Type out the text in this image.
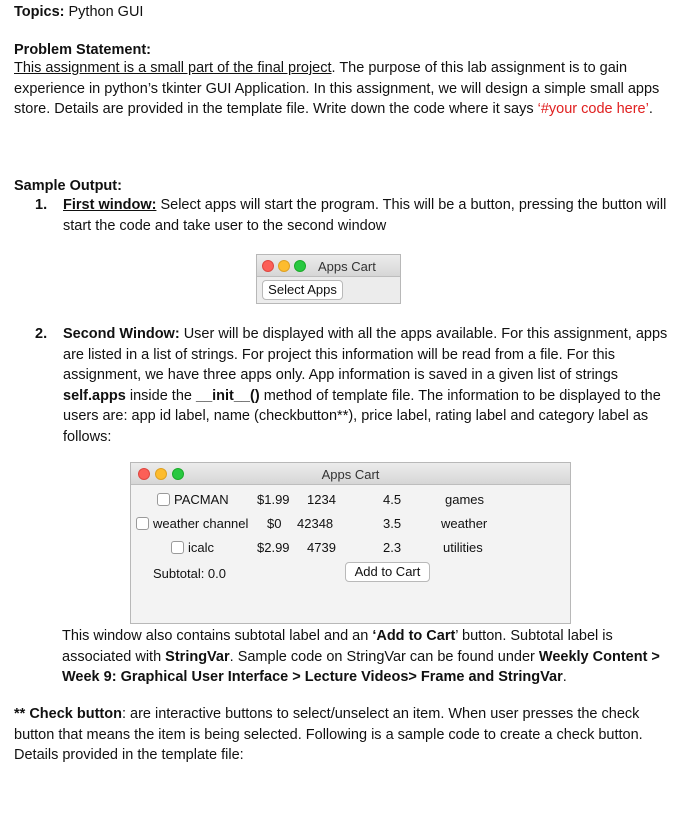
Topics: Python GUI
Problem Statement:
This assignment is a small part of the final project. The purpose of this lab assignment is to gain experience in python’s tkinter GUI Application. In this assignment, we will design a simple small apps store. Details are provided in the template file. Write down the code where it says ‘#your code here’.
Sample Output:
1. First window: Select apps will start the program. This will be a button, pressing the button will start the code and take user to the second window
Apps Cart
Select Apps
2. Second Window: User will be displayed with all the apps available. For this assignment, apps are listed in a list of strings. For project this information will be read from a file. For this assignment, we have three apps only. App information is saved in a given list of strings self.apps inside the __init__() method of template file. The information to be displayed to the users are: app id label, name (checkbutton**), price label, rating label and category label as follows:
Apps Cart
PACMAN $1.99 1234	4.5	games
weather channel $0 42348	3.5	weather
icalc	$2.99 4739	2.3	utilities
Subtotal: 0.0	Add to Cart
This window also contains subtotal label and an ‘Add to Cart’ button. Subtotal label is associated with StringVar. Sample code on StringVar can be found under Weekly Content > Week 9: Graphical User Interface > Lecture Videos> Frame and StringVar.
** Check button: are interactive buttons to select/unselect an item. When user presses the check button that means the item is being selected. Following is a sample code to create a check button. Details provided in the template file:
